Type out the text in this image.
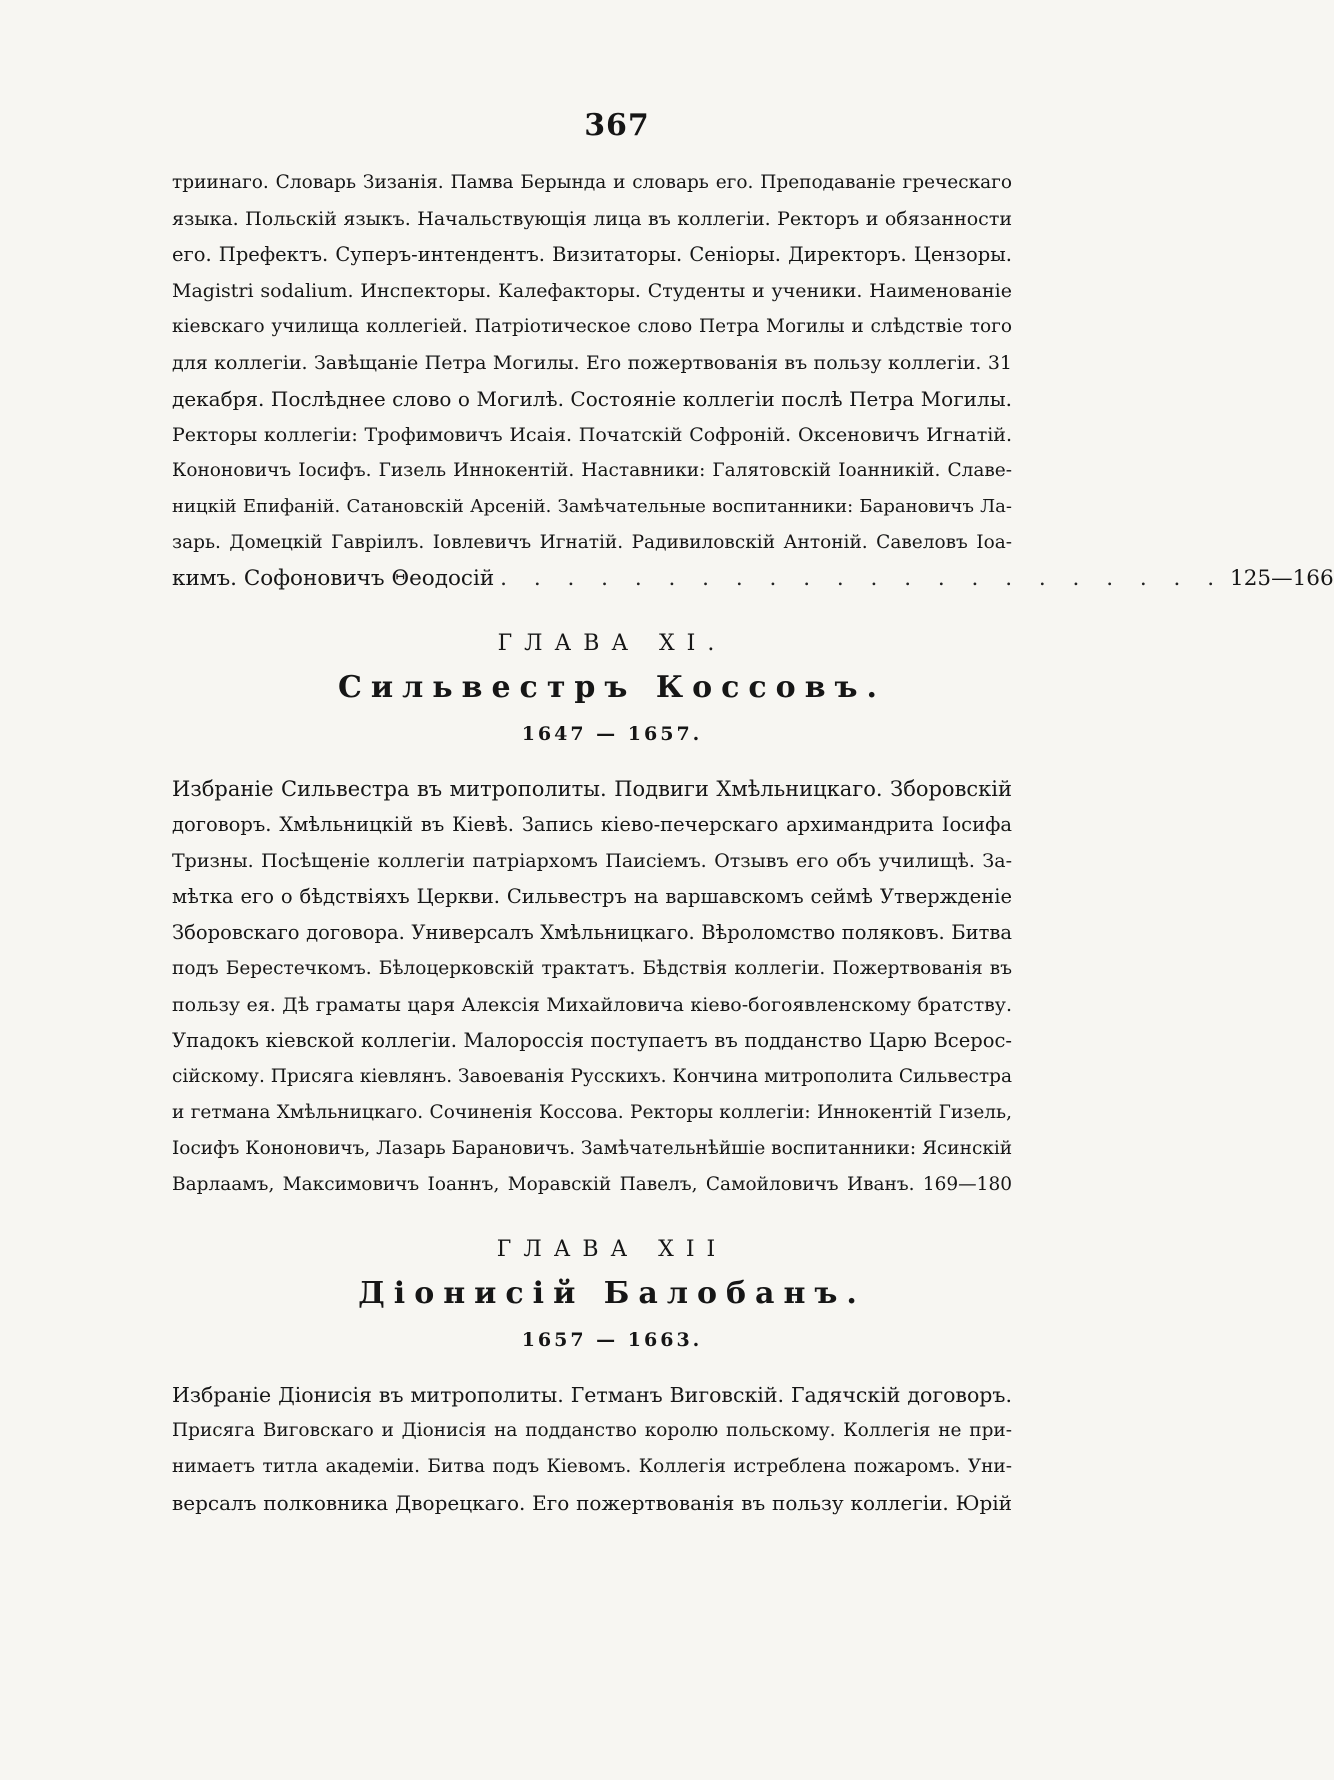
367
триинаго. Словарь Зизанія. Памва Берында и словарь его. Преподаваніе греческаго
языка. Польскій языкъ. Начальствующія лица въ коллегіи. Ректоръ и обязанности
его. Префектъ. Суперъ-интендентъ. Визитаторы. Сеніоры. Директоръ. Цензоры.
Magistri sodalium. Инспекторы. Калефакторы. Студенты и ученики. Наименованіе
кіевскаго училища коллегіей. Патріотическое слово Петра Могилы и слѣдствіе того
для коллегіи. Завѣщаніе Петра Могилы. Его пожертвованія въ пользу коллегіи. 31
декабря. Послѣднее слово о Могилѣ. Состояніе коллегіи послѣ Петра Могилы.
Ректоры коллегіи: Трофимовичъ Исаія. Початскій Софроній. Оксеновичъ Игнатій.
Кононовичъ Іосифъ. Гизель Иннокентій. Наставники: Галятовскій Іоанникій. Славе-
ницкій Епифаній. Сатановскій Арсеній. Замѣчательные воспитанники: Барановичъ Ла-
зарь. Домецкій Гавріилъ. Іовлевичъ Игнатій. Радивиловскій Антоній. Савеловъ Іоа-
кимъ. Софоновичъ Θеодосій . . . . . . . . . . . . . . . . . . . . . . 125—166
ГЛАВА XI.
Сильвестръ Коссовъ.
1647 — 1657.
Избраніе Сильвестра въ митрополиты. Подвиги Хмѣльницкаго. Зборовскій
договоръ. Хмѣльницкій въ Кіевѣ. Запись кіево-печерскаго архимандрита Іосифа
Тризны. Посѣщеніе коллегіи патріархомъ Паисіемъ. Отзывъ его объ училищѣ. За-
мѣтка его о бѣдствіяхъ Церкви. Сильвестръ на варшавскомъ сеймѣ Утвержденіе
Зборовскаго договора. Универсалъ Хмѣльницкаго. Вѣроломство поляковъ. Битва
подъ Берестечкомъ. Бѣлоцерковскій трактатъ. Бѣдствія коллегіи. Пожертвованія въ
пользу ея. Дѣ граматы царя Алексія Михайловича кіево-богоявленскому братству.
Упадокъ кіевской коллегіи. Малороссія поступаетъ въ подданство Царю Всерос-
сійскому. Присяга кіевлянъ. Завоеванія Русскихъ. Кончина митрополита Сильвестра
и гетмана Хмѣльницкаго. Сочиненія Коссова. Ректоры коллегіи: Иннокентій Гизель,
Іосифъ Кононовичъ, Лазарь Барановичъ. Замѣчательнѣйшіе воспитанники: Ясинскій
Варлаамъ, Максимовичъ Іоаннъ, Моравскій Павелъ, Самойловичъ Иванъ. 169—180
ГЛАВА XII
Діонисій Балобанъ.
1657 — 1663.
Избраніе Діонисія въ митрополиты. Гетманъ Виговскій. Гадячскій договоръ.
Присяга Виговскаго и Діонисія на подданство королю польскому. Коллегія не при-
нимаетъ титла академіи. Битва подъ Кіевомъ. Коллегія истреблена пожаромъ. Уни-
версалъ полковника Дворецкаго. Его пожертвованія въ пользу коллегіи. Юрій
